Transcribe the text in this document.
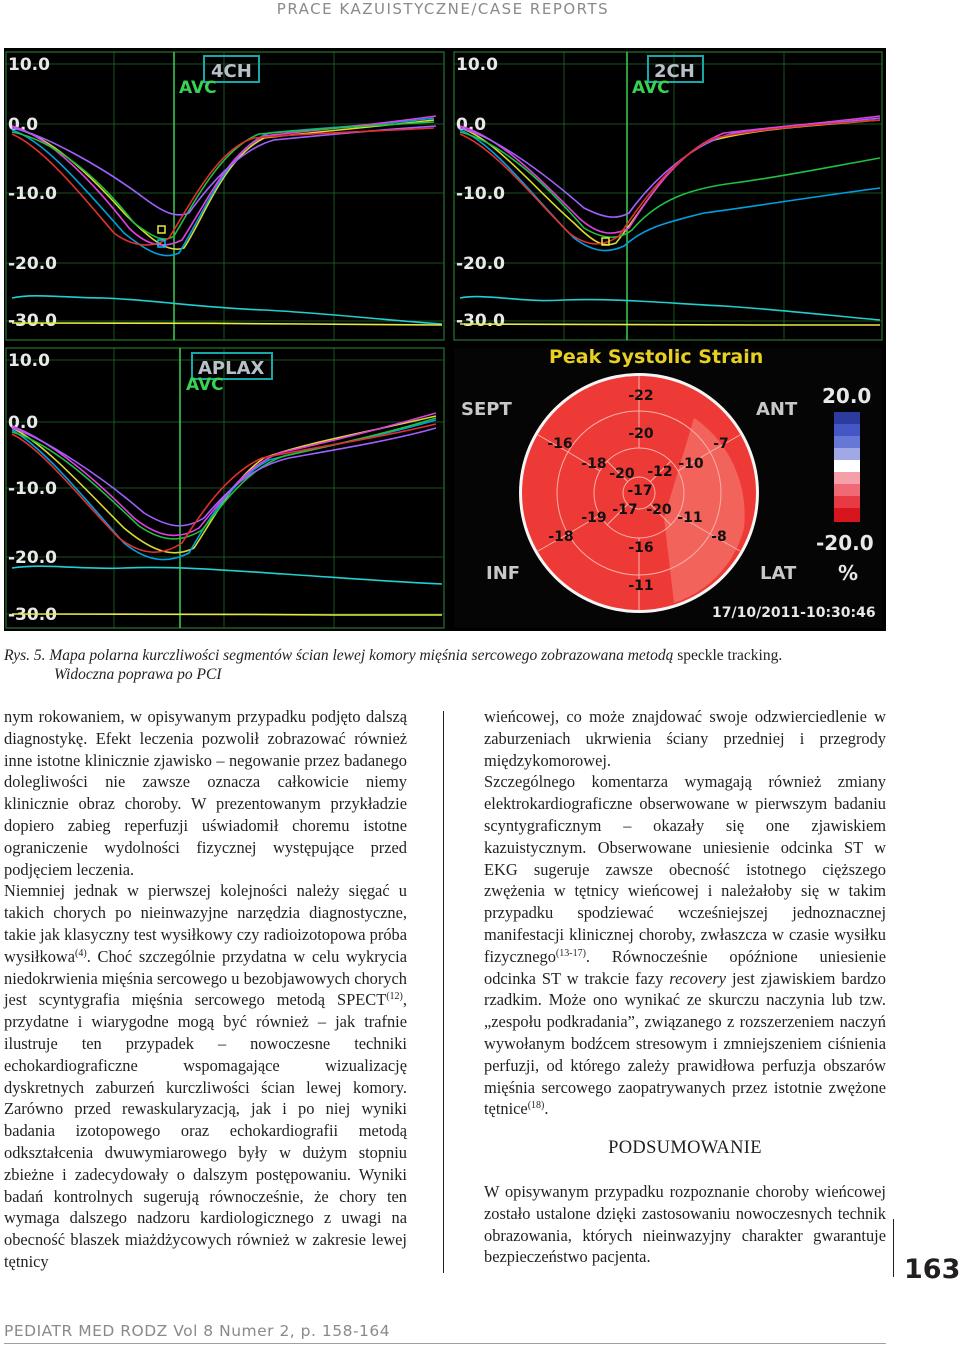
PRACE KAZUISTYCZNE/CASE REPORTS
4CH
AVC
10.0
0.0
-10.0
-20.0
-30.0
2CH
AVC
10.0
0.0
-10.0
-20.0
-30.0
APLAX
AVC
10.0
0.0
-10.0
-20.0
-30.0
Peak Systolic Strain
SEPT	ANT
INF	LAT
-22
-16	-7
-20
-18	-10
-20 -12
-17
-19 -17 -20 -11
-18	-8
-16
-11
20.0
-20.0
%
17/10/2011-10:30:46
Rys. 5. Mapa polarna kurczliwości segmentów ścian lewej komory mięśnia sercowego zobrazowana metodą speckle tracking.
Widoczna poprawa po PCI

nym rokowaniem, w opisywanym przypadku podjęto dalszą diagnostykę. Efekt leczenia pozwolił zobrazować również inne istotne klinicznie zjawisko – negowanie przez badanego dolegliwości nie zawsze oznacza całkowicie niemy klinicznie obraz choroby. W prezentowanym przykładzie dopiero zabieg reperfuzji uświadomił choremu istotne ograniczenie wydolności fizycznej występujące przed podjęciem leczenia.

Niemniej jednak w pierwszej kolejności należy sięgać u takich chorych po nieinwazyjne narzędzia diagnostyczne, takie jak klasyczny test wysiłkowy czy radioizotopowa próba wysiłkowa$^{(4)}$. Choć szczególnie przydatna w celu wykrycia niedokrwienia mięśnia sercowego u bezobjawowych chorych jest scyntygrafia mięśnia sercowego metodą SPECT$^{(12)}$, przydatne i wiarygodne mogą być również – jak trafnie ilustruje ten przypadek – nowoczesne techniki echokardiograficzne wspomagające wizualizację dyskretnych zaburzeń kurczliwości ścian lewej komory. Zarówno przed rewaskularyzacją, jak i po niej wyniki badania izotopowego oraz echokardiografii metodą odkształcenia dwuwymiarowego były w dużym stopniu zbieżne i zadecydowały o dalszym postępowaniu. Wyniki badań kontrolnych sugerują równocześnie, że chory ten wymaga dalszego nadzoru kardiologicznego z uwagi na obecność blaszek miażdżycowych również w zakresie lewej tętnicy

wieńcowej, co może znajdować swoje odzwierciedlenie w zaburzeniach ukrwienia ściany przedniej i przegrody międzykomorowej.

Szczególnego komentarza wymagają również zmiany elektrokardiograficzne obserwowane w pierwszym badaniu scyntygraficznym – okazały się one zjawiskiem kazuistycznym. Obserwowane uniesienie odcinka ST w EKG sugeruje zawsze obecność istotnego cięższego zwężenia w tętnicy wieńcowej i należałoby się w takim przypadku spodziewać wcześniejszej jednoznacznej manifestacji klinicznej choroby, zwłaszcza w czasie wysiłku fizycznego$^{(13-17)}$. Równocześnie opóźnione uniesienie odcinka ST w trakcie fazy recovery jest zjawiskiem bardzo rzadkim. Może ono wynikać ze skurczu naczynia lub tzw. „zespołu podkradania”, związanego z rozszerzeniem naczyń wywołanym bodźcem stresowym i zmniejszeniem ciśnienia perfuzji, od którego zależy prawidłowa perfuzja obszarów mięśnia sercowego zaopatrywanych przez istotnie zwężone tętnice$^{(18)}$.

PODSUMOWANIE

W opisywanym przypadku rozpoznanie choroby wieńcowej zostało ustalone dzięki zastosowaniu nowoczesnych technik obrazowania, których nieinwazyjny charakter gwarantuje bezpieczeństwo pacjenta.	163
PEDIATR MED RODZ Vol 8 Numer 2, p. 158-164
